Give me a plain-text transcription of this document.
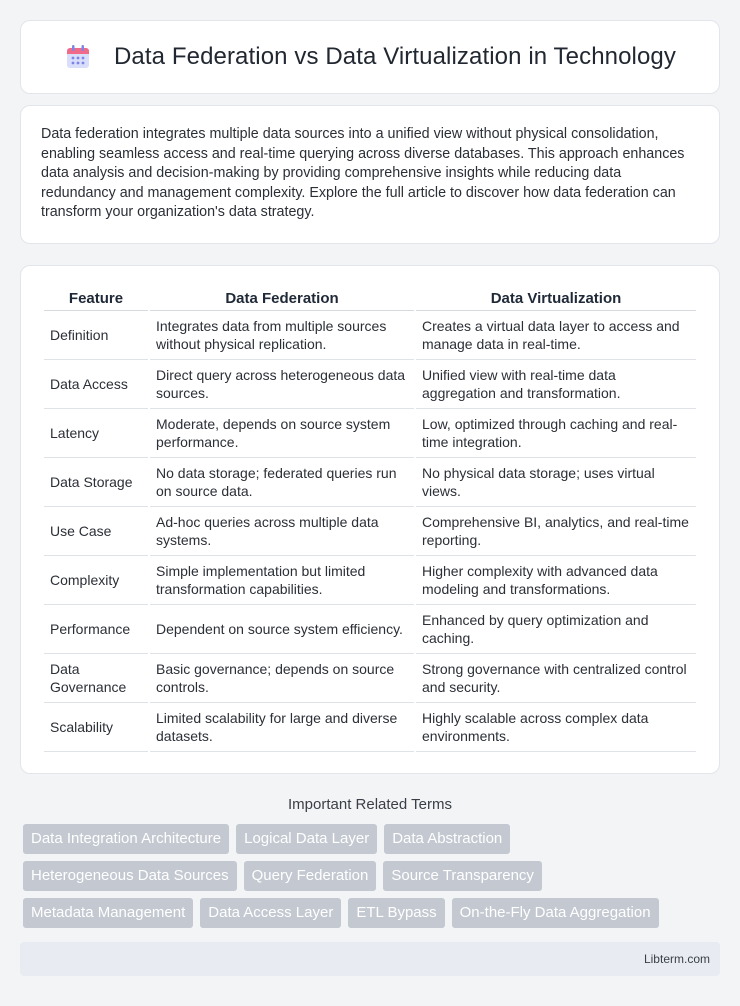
Data Federation vs Data Virtualization in Technology

Data federation integrates multiple data sources into a unified view without physical consolidation, enabling seamless access and real-time querying across diverse databases. This approach enhances data analysis and decision-making by providing comprehensive insights while reducing data redundancy and management complexity. Explore the full article to discover how data federation can transform your organization's data strategy.

Feature	Data Federation	Data Virtualization
Definition	Integrates data from multiple sources without physical replication.	Creates a virtual data layer to access and manage data in real-time.
Data Access	Direct query across heterogeneous data sources.	Unified view with real-time data aggregation and transformation.
Latency	Moderate, depends on source system performance.	Low, optimized through caching and real-time integration.
Data Storage	No data storage; federated queries run on source data.	No physical data storage; uses virtual views.
Use Case	Ad-hoc queries across multiple data systems.	Comprehensive BI, analytics, and real-time reporting.
Complexity	Simple implementation but limited transformation capabilities.	Higher complexity with advanced data modeling and transformations.
Performance	Dependent on source system efficiency.	Enhanced by query optimization and caching.
Data Governance	Basic governance; depends on source controls.	Strong governance with centralized control and security.
Scalability	Limited scalability for large and diverse datasets.	Highly scalable across complex data environments.
Important Related Terms
Data Integration Architecture	Logical Data Layer	Data Abstraction
Heterogeneous Data Sources	Query Federation	Source Transparency
Metadata Management	Data Access Layer	ETL Bypass	On-the-Fly Data Aggregation
Libterm.com
